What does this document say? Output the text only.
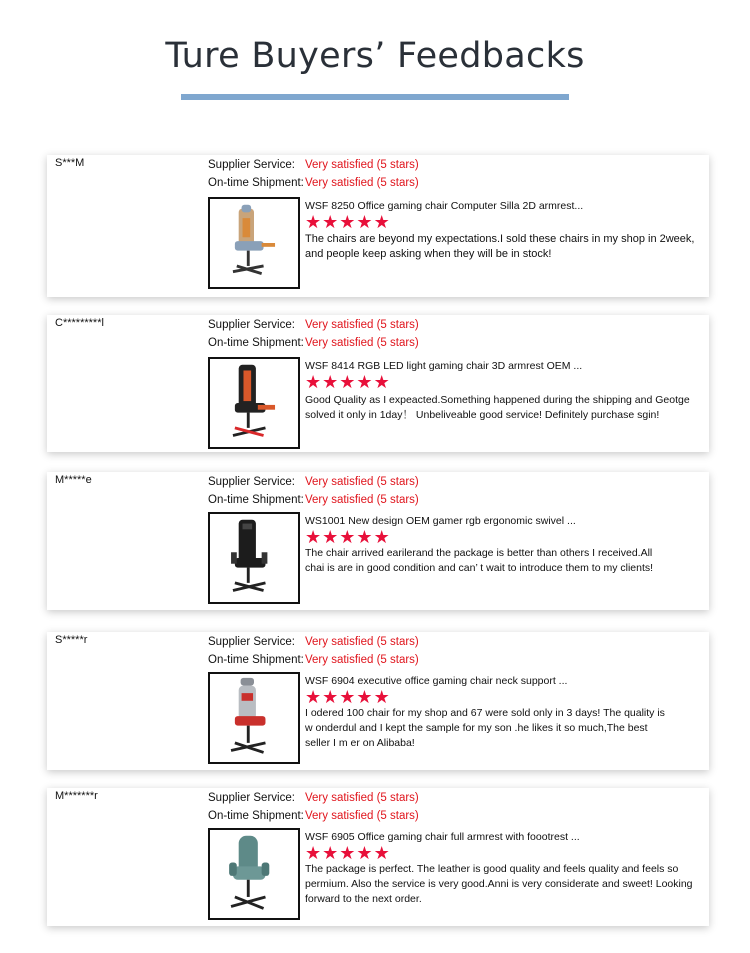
Ture Buyers’ Feedbacks
S***M	Supplier Service: Very satisfied (5 stars)
On-time Shipment:Very satisfied (5 stars)
WSF 8250 Office gaming chair Computer Silla 2D armrest...
★ ★ ★ ★ ★
The chairs are beyond my expectations.I sold these chairs in my shop in 2week, and people keep asking when they will be in stock!
C*********l	Supplier Service: Very satisfied (5 stars)
On-time Shipment:Very satisfied (5 stars)
WSF 8414 RGB LED light gaming chair 3D armrest OEM ...
★ ★ ★ ★ ★
Good Quality as I expeacted.Something happened during the shipping and Geotge solved it only in 1day！ Unbeliveable good service! Definitely purchase sgin!
M*****e	Supplier Service: Very satisfied (5 stars)
On-time Shipment:Very satisfied (5 stars)
WS1001 New design OEM gamer rgb ergonomic swivel ...
★ ★ ★ ★ ★
The chair arrived earilerand the package is better than others I received.All chai is are in good condition and can’ t wait to introduce them to my clients!
S*****r	Supplier Service: Very satisfied (5 stars)
On-time Shipment:Very satisfied (5 stars)
WSF 6904 executive office gaming chair neck support ...
★ ★ ★ ★ ★
I odered 100 chair for my shop and 67 were sold only in 3 days! The quality is w onderdul and I kept the sample for my son .he likes it so much,The best seller I m er on Alibaba!
M*******r	Supplier Service: Very satisfied (5 stars)
On-time Shipment:Very satisfied (5 stars)
WSF 6905 Office gaming chair full armrest with foootrest ...
★ ★ ★ ★ ★
The package is perfect. The leather is good quality and feels quality and feels so permium. Also the service is very good.Anni is very considerate and sweet! Looking forward to the next order.
